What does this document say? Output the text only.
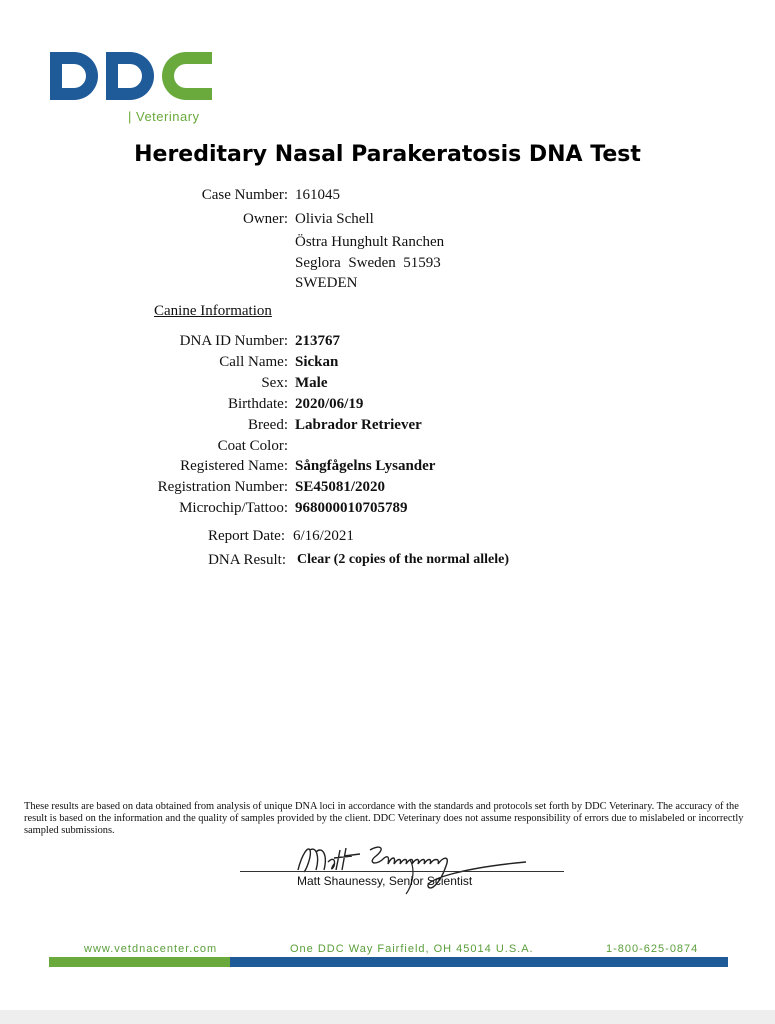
| Veterinary
Hereditary Nasal Parakeratosis DNA Test
Case Number: 161045
Owner: Olivia Schell
Östra Hunghult Ranchen
Seglora  Sweden  51593
SWEDEN
Canine Information
DNA ID Number: 213767
Call Name: Sickan
Sex: Male
Birthdate: 2020/06/19
Breed: Labrador Retriever
Coat Color:
Registered Name: Sångfågelns Lysander
Registration Number: SE45081/2020
Microchip/Tattoo: 968000010705789
Report Date: 6/16/2021
DNA Result: Clear (2 copies of the normal allele)
These results are based on data obtained from analysis of unique DNA loci in accordance with the standards and protocols set forth by DDC Veterinary. The accuracy of the result is based on the information and the quality of samples provided by the client. DDC Veterinary does not assume responsibility of errors due to mislabeled or incorrectly sampled submissions.
Matt Shaunessy, Senior Scientist
www.vetdnacenter.com	One DDC Way Fairfield, OH 45014 U.S.A.	1-800-625-0874
